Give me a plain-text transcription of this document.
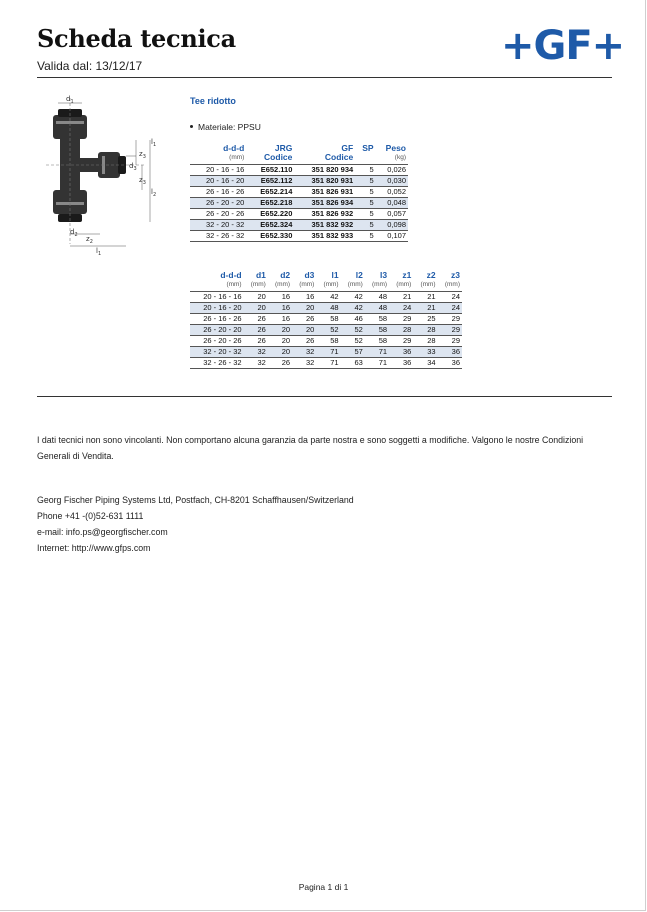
Scheda tecnica
Valida dal: 13/12/17	+GF+
$d_1$
$l_1$
$z_3$
$d_3$
$z_3$
$l_2$
$d_2$ $z_2$
$l_1$
Tee ridotto
Materiale: PPSU
d-d-d	JRG	GF	SP	Peso
(mm)	Codice	Codice		(kg)
20 - 16 - 16	E652.110	351 820 934	5	0,026
20 - 16 - 20	E652.112	351 820 931	5	0,030
26 - 16 - 26	E652.214	351 826 931	5	0,052
26 - 20 - 20	E652.218	351 826 934	5	0,048
26 - 20 - 26	E652.220	351 826 932	5	0,057
32 - 20 - 32	E652.324	351 832 932	5	0,098
32 - 26 - 32	E652.330	351 832 933	5	0,107
d-d-d	d1	d2	d3	l1	l2	l3	z1	z2	z3
(mm)	(mm)	(mm)	(mm)	(mm)	(mm)	(mm)	(mm)	(mm)	(mm)
20 - 16 - 16	20	16	16	42	42	48	21	21	24
20 - 16 - 20	20	16	20	48	42	48	24	21	24
26 - 16 - 26	26	16	26	58	46	58	29	25	29
26 - 20 - 20	26	20	20	52	52	58	28	28	29
26 - 20 - 26	26	20	26	58	52	58	29	28	29
32 - 20 - 32	32	20	32	71	57	71	36	33	36
32 - 26 - 32	32	26	32	71	63	71	36	34	36
I dati tecnici non sono vincolanti. Non comportano alcuna garanzia da parte nostra e sono soggetti a modifiche. Valgono le nostre Condizioni Generali di Vendita.
Georg Fischer Piping Systems Ltd, Postfach, CH-8201 Schaffhausen/Switzerland
Phone +41 -(0)52-631 1111
e-mail: info.ps@georgfischer.com
Internet: http://www.gfps.com
Pagina 1 di 1
